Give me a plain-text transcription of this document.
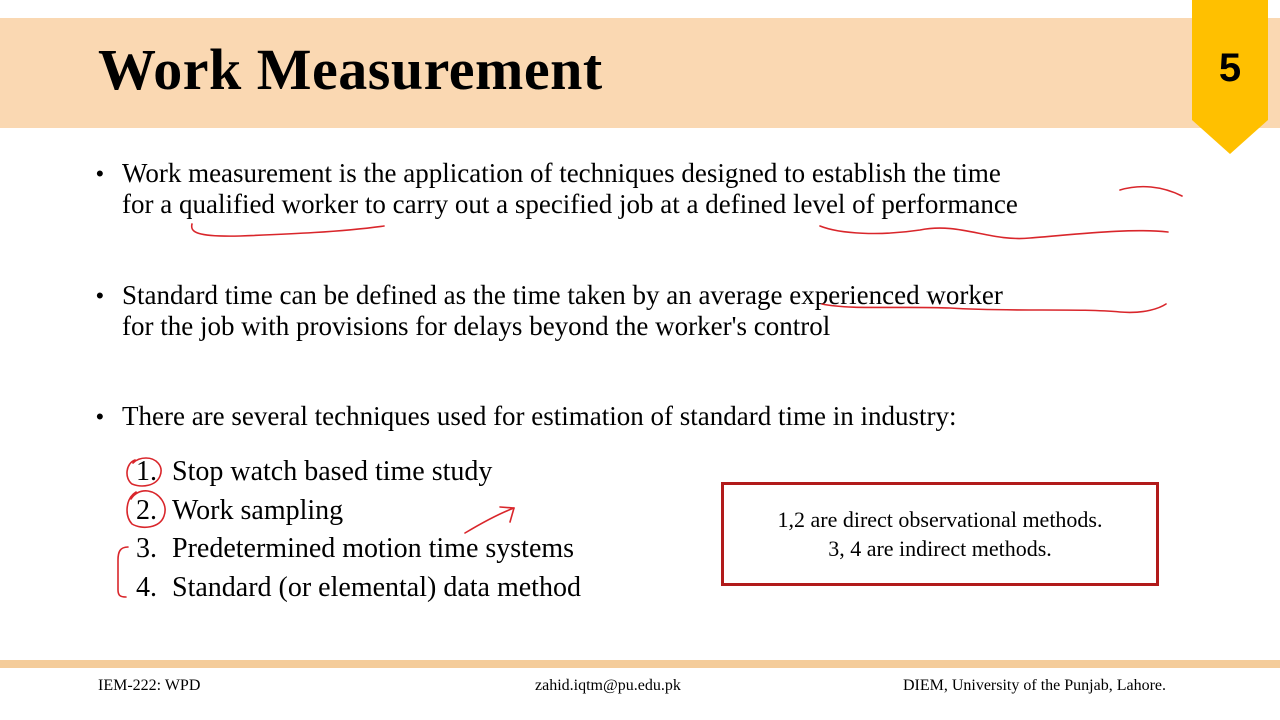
Work Measurement	5
• Work measurement is the application of techniques designed to establish the time
for a qualified worker to carry out a specified job at a defined level of performance
• Standard time can be defined as the time taken by an average experienced worker
for the job with provisions for delays beyond the worker's control
• There are several techniques used for estimation of standard time in industry:
1. Stop watch based time study
2. Work sampling
3. Predetermined motion time systems
4. Standard (or elemental) data method
1,2 are direct observational methods.
3, 4 are indirect methods.
IEM-222: WPD	zahid.iqtm@pu.edu.pk	DIEM, University of the Punjab, Lahore.
